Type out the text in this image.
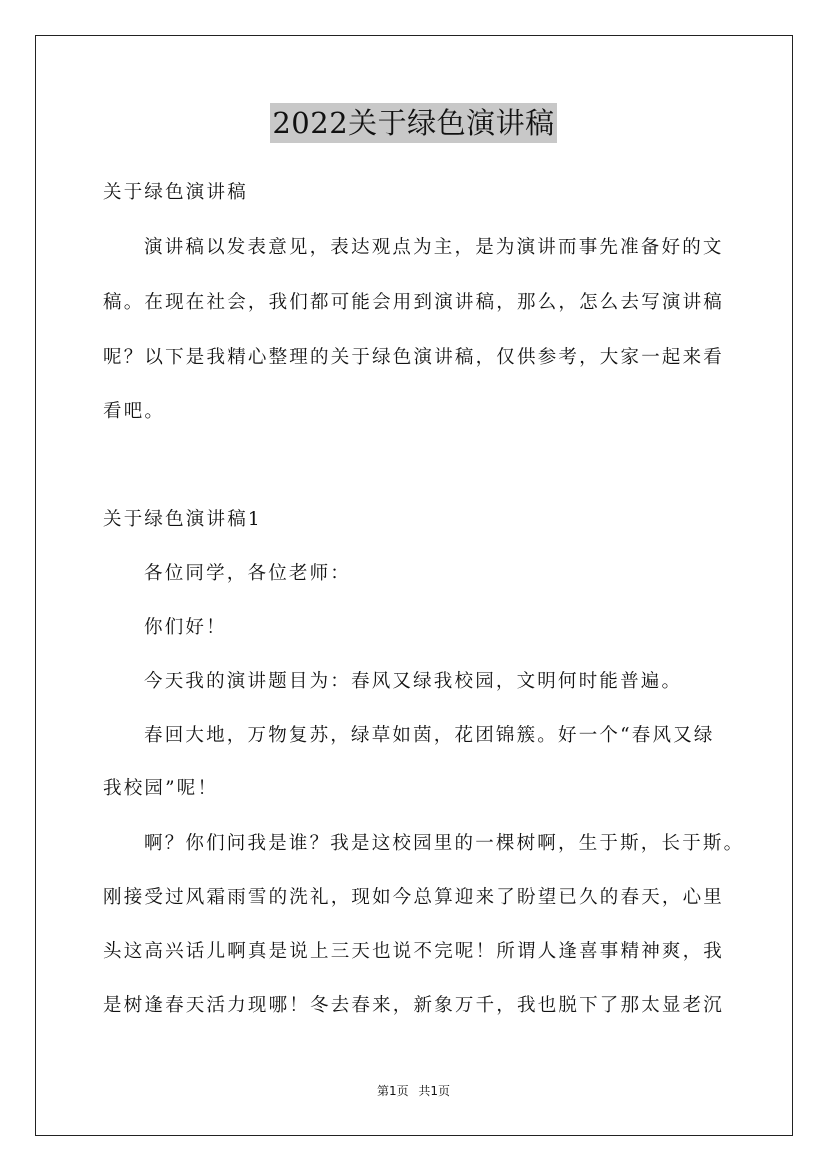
2022关于绿色演讲稿
关于绿色演讲稿
演讲稿以发表意见，表达观点为主，是为演讲而事先准备好的文
稿。在现在社会，我们都可能会用到演讲稿，那么，怎么去写演讲稿
呢？以下是我精心整理的关于绿色演讲稿，仅供参考，大家一起来看
看吧。
关于绿色演讲稿1
各位同学，各位老师：
你们好！
今天我的演讲题目为：春风又绿我校园，文明何时能普遍。
春回大地，万物复苏，绿草如茵，花团锦簇。好一个“春风又绿
我校园”呢！
啊？你们问我是谁？我是这校园里的一棵树啊，生于斯，长于斯。
刚接受过风霜雨雪的洗礼，现如今总算迎来了盼望已久的春天，心里
头这高兴话儿啊真是说上三天也说不完呢！所谓人逢喜事精神爽，我
是树逢春天活力现哪！冬去春来，新象万千，我也脱下了那太显老沉
第1页 共1页
